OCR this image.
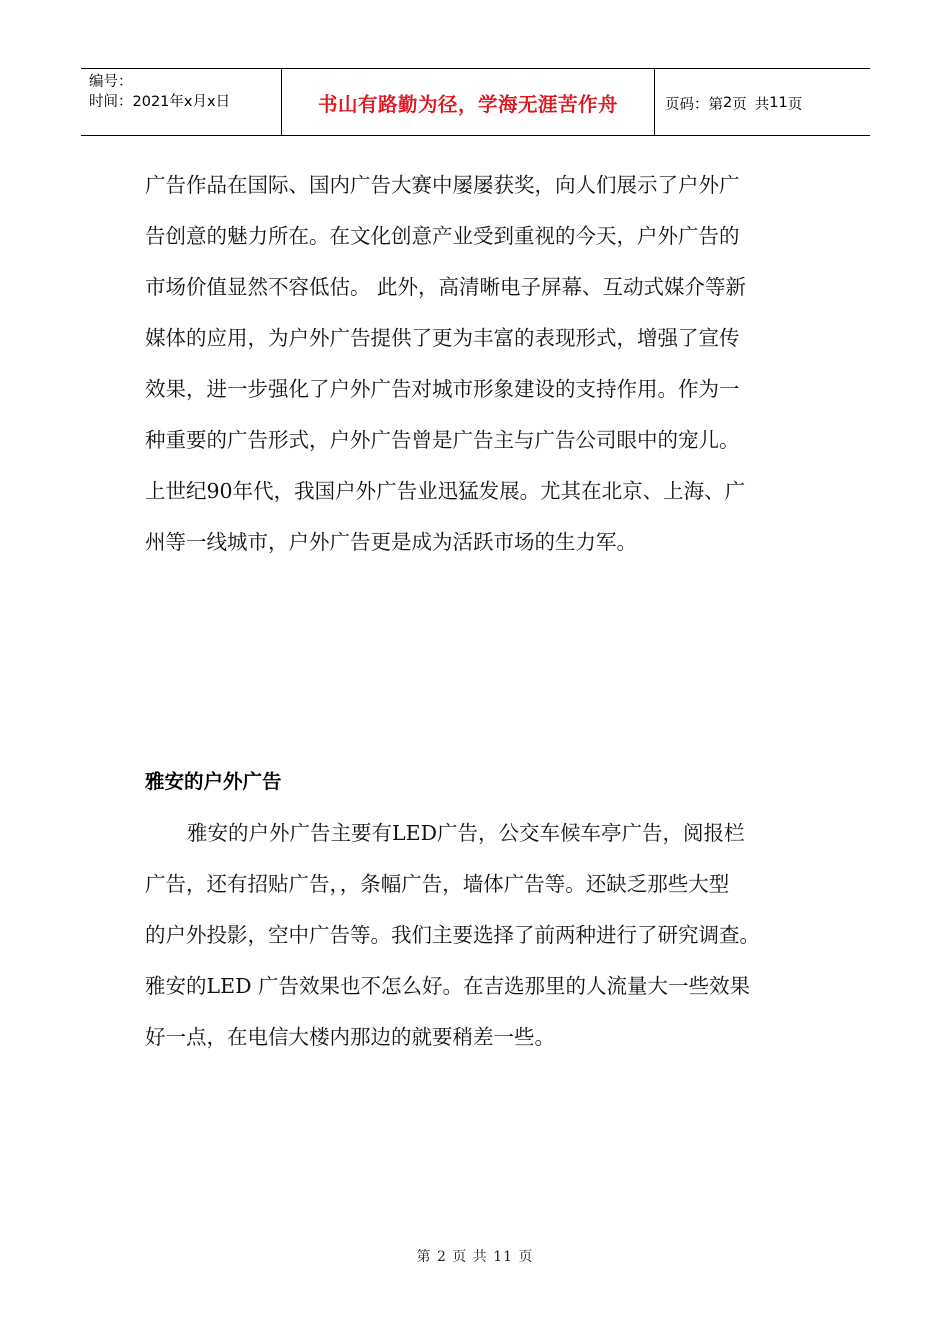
编号：
时间：2021年x月x日	书山有路勤为径，学海无涯苦作舟	页码：第 2 页 共 11 页

广告作品在国际、国内广告大赛中屡屡获奖，向人们展示了户外广

告创意的魅力所在。在文化创意产业受到重视的今天，户外广告的

市场价值显然不容低估。 此外，高清晰电子屏幕、互动式媒介等新

媒体的应用，为户外广告提供了更为丰富的表现形式，增强了宣传

效果，进一步强化了户外广告对城市形象建设的支持作用。作为一

种重要的广告形式，户外广告曾是广告主与广告公司眼中的宠儿。

上世纪90年代，我国户外广告业迅猛发展。尤其在北京、上海、广

州等一线城市，户外广告更是成为活跃市场的生力军。

雅安的户外广告

雅安的户外广告主要有LED广告，公交车候车亭广告，阅报栏

广告，还有招贴广告，，条幅广告，墙体广告等。还缺乏那些大型

的户外投影，空中广告等。我们主要选择了前两种进行了研究调查。

雅安的LED 广告效果也不怎么好。在吉选那里的人流量大一些效果

好一点，在电信大楼内那边的就要稍差一些。

第 2 页 共 11 页
